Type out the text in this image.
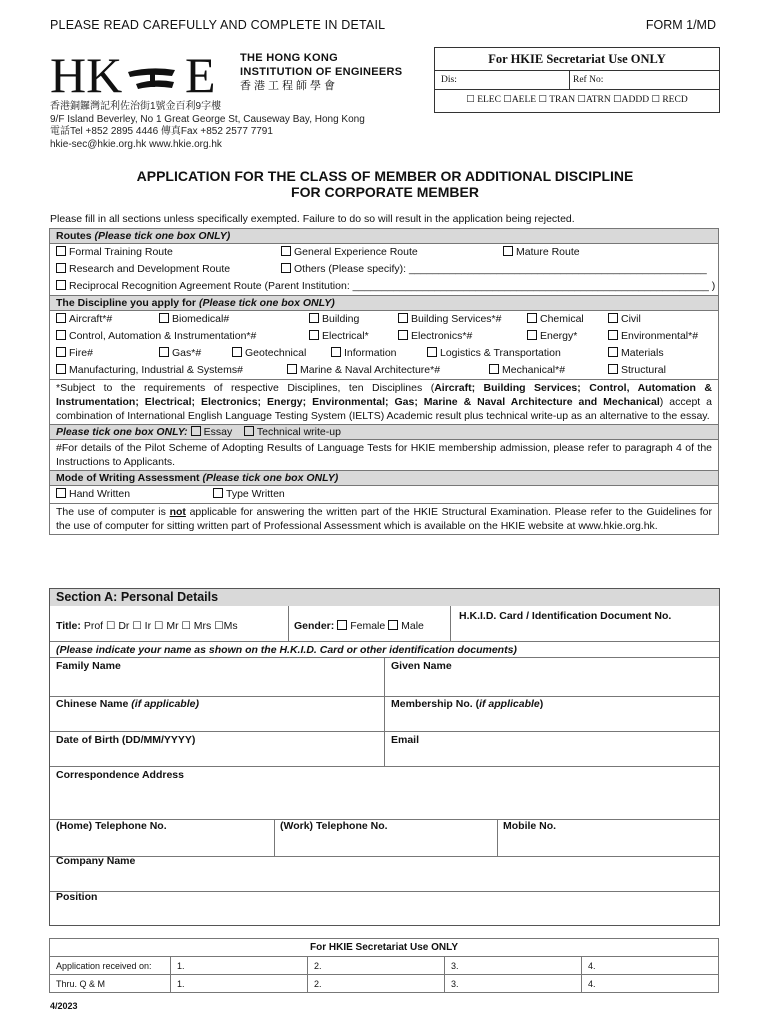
PLEASE READ CAREFULLY AND COMPLETE IN DETAIL	FORM 1/MD
HK E THE HONG KONG
INSTITUTION OF ENGINEERS
香港工程師學會
香港銅鑼灣記利佐治街1號金百利9字樓
9/F Island Beverley, No 1 Great George St, Causeway Bay, Hong Kong
電話Tel +852 2895 4446 傳真Fax +852 2577 7791
hkie-sec@hkie.org.hk www.hkie.org.hk
For HKIE Secretariat Use ONLY
Dis:	Ref No:
☐ ELEC ☐AELE ☐ TRAN ☐ATRN ☐ADDD ☐ RECD
APPLICATION FOR THE CLASS OF MEMBER OR ADDITIONAL DISCIPLINE
FOR CORPORATE MEMBER
Please fill in all sections unless specifically exempted. Failure to do so will result in the application being rejected.
Routes (Please tick one box ONLY)

Formal Training Route	General Experience Route	Mature Route
Research and Development Route	Others (Please specify): ___________________________________________________
Reciprocal Recognition Agreement Route (Parent Institution: _____________________________________________________________ )

The Discipline you apply for (Please tick one box ONLY)

Aircraft*#	Biomedical#	Building	Building Services*#	Chemical	Civil
Control, Automation & Instrumentation*#	Electrical*	Electronics*#	Energy*	Environmental*#
Fire#	Gas*#	Geotechnical	Information	Logistics & Transportation	Materials
Manufacturing, Industrial & Systems#	Marine & Naval Architecture*#	Mechanical*#	Structural

*Subject to the requirements of respective Disciplines, ten Disciplines (Aircraft; Building Services; Control, Automation & Instrumentation; Electrical; Electronics; Energy; Environmental; Gas; Marine & Naval Architecture and Mechanical) accept a combination of International English Language Testing System (IELTS) Academic result plus technical write-up as an alternative to the essay.
Please tick one box ONLY: Essay Technical write-up
#For details of the Pilot Scheme of Adopting Results of Language Tests for HKIE membership admission, please refer to paragraph 4 of the Instructions to Applicants.
Mode of Writing Assessment (Please tick one box ONLY)

Hand Written	Type Written

The use of computer is not applicable for answering the written part of the HKIE Structural Examination. Please refer to the Guidelines for the use of computer for sitting written part of Professional Assessment which is available on the HKIE website at www.hkie.org.hk.
Section A: Personal Details
Title: Prof ☐ Dr ☐ Ir ☐ Mr ☐ Mrs ☐Ms	Gender: Female Male
H.K.I.D. Card / Identification Document No.
(Please indicate your name as shown on the H.K.I.D. Card or other identification documents)
Family Name	Given Name
Chinese Name (if applicable)	Membership No. (if applicable)
Date of Birth (DD/MM/YYYY)	Email
Correspondence Address
(Home) Telephone No.	(Work) Telephone No.	Mobile No.
Company Name
Position
For HKIE Secretariat Use ONLY				
Application received on:	1.	2.	3.	4.
Thru. Q & M	1.	2.	3.	4.
4/2023
